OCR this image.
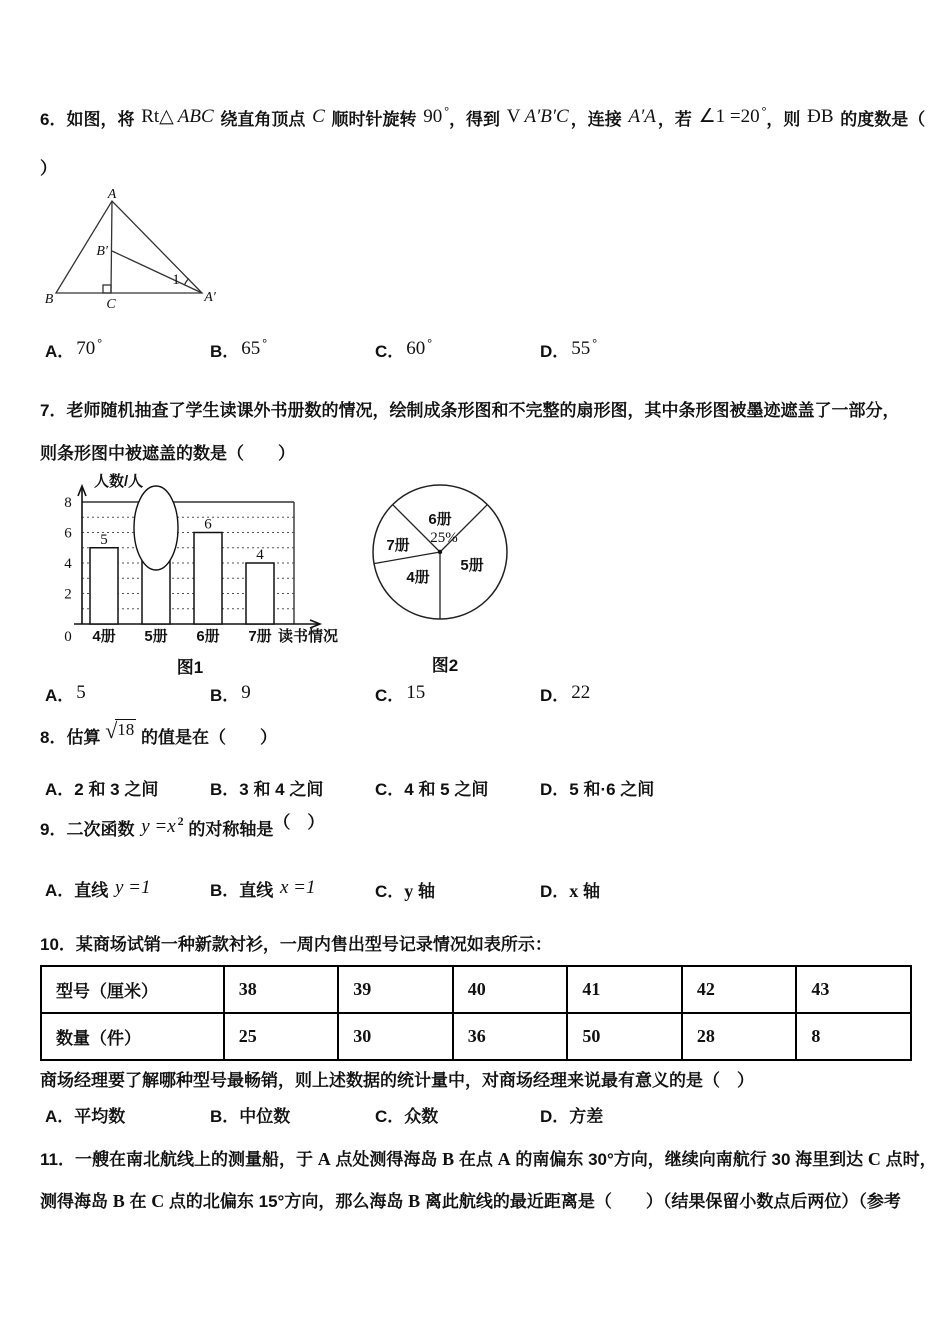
6．如图，将 Rt△ ABC 绕直角顶点 C 顺时针旋转 90 °，得到 V A′B′C ，连接 A′A ，若 ∠1 =20 °，则 ÐB 的度数是（
）
A
B	C	A′
B′
1
A． 70 °	B． 65 °	C． 60 °	D． 55 °
7．老师随机抽查了学生读课外书册数的情况，绘制成条形图和不完整的扇形图，其中条形图被墨迹遮盖了一部分，
则条形图中被遮盖的数是（　　）
5
4册 5册
6
6册
4
7册
0
2
4
6
8
人数/人
读书情况
图1
6册
25%
7册
4册
5册
图2
A． 5	B． 9	C． 15	D． 22
8．估算 √18 的值是在（　　）
A．2 和 3 之间	B．3 和 4 之间	C．4 和 5 之间	D．5 和·6 之间
9．二次函数 y =x $^2$ 的对称轴是（　）
A．直线 y =1	B．直线 x =1	C．y 轴	D．x 轴
10．某商场试销一种新款衬衫，一周内售出型号记录情况如表所示：
型号（厘米）	38	39	40	41	42	43
数量（件）	25	30	36	50	28	8
商场经理要了解哪种型号最畅销，则上述数据的统计量中，对商场经理来说最有意义的是（　）
A．平均数	B．中位数	C．众数	D．方差
11．一艘在南北航线上的测量船，于 A 点处测得海岛 B 在点 A 的南偏东 30°方向，继续向南航行 30 海里到达 C 点时，
测得海岛 B 在 C 点的北偏东 15°方向，那么海岛 B 离此航线的最近距离是（　　）（结果保留小数点后两位）（参考
